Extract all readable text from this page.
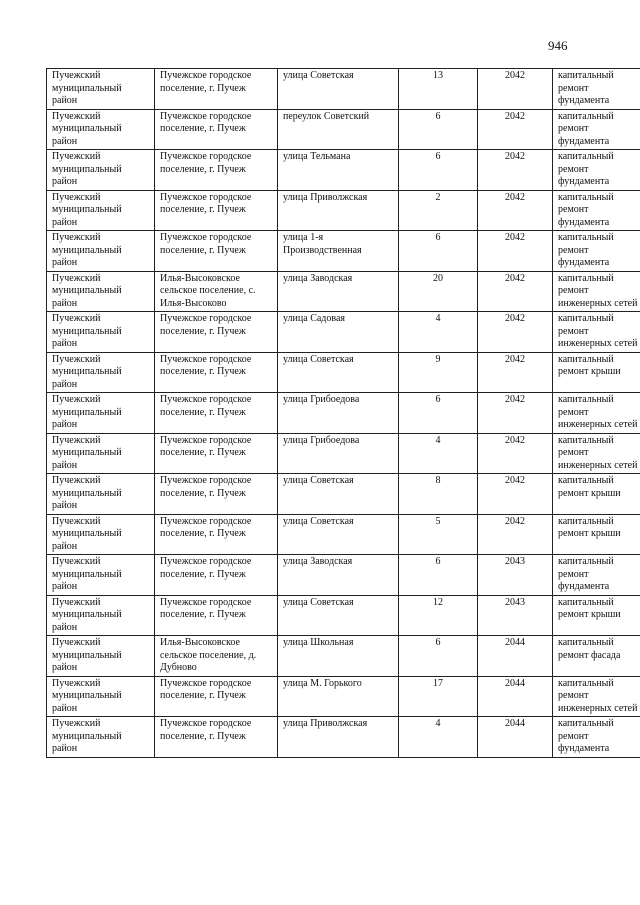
946
Пучежский муниципальный район	Пучежское городское поселение, г. Пучеж	улица Советская	13	2042	капитальный ремонт фундамента
Пучежский муниципальный район	Пучежское городское поселение, г. Пучеж	переулок Советский	6	2042	капитальный ремонт фундамента
Пучежский муниципальный район	Пучежское городское поселение, г. Пучеж	улица Тельмана	6	2042	капитальный ремонт фундамента
Пучежский муниципальный район	Пучежское городское поселение, г. Пучеж	улица Приволжская	2	2042	капитальный ремонт фундамента
Пучежский муниципальный район	Пучежское городское поселение, г. Пучеж	улица 1-я Производственная	6	2042	капитальный ремонт фундамента
Пучежский муниципальный район	Илья-Высоковское сельское поселение, с. Илья-Высоково	улица Заводская	20	2042	капитальный ремонт инженерных сетей
Пучежский муниципальный район	Пучежское городское поселение, г. Пучеж	улица Садовая	4	2042	капитальный ремонт инженерных сетей
Пучежский муниципальный район	Пучежское городское поселение, г. Пучеж	улица Советская	9	2042	капитальный ремонт крыши
Пучежский муниципальный район	Пучежское городское поселение, г. Пучеж	улица Грибоедова	6	2042	капитальный ремонт инженерных сетей
Пучежский муниципальный район	Пучежское городское поселение, г. Пучеж	улица Грибоедова	4	2042	капитальный ремонт инженерных сетей
Пучежский муниципальный район	Пучежское городское поселение, г. Пучеж	улица Советская	8	2042	капитальный ремонт крыши
Пучежский муниципальный район	Пучежское городское поселение, г. Пучеж	улица Советская	5	2042	капитальный ремонт крыши
Пучежский муниципальный район	Пучежское городское поселение, г. Пучеж	улица Заводская	6	2043	капитальный ремонт фундамента
Пучежский муниципальный район	Пучежское городское поселение, г. Пучеж	улица Советская	12	2043	капитальный ремонт крыши
Пучежский муниципальный район	Илья-Высоковское сельское поселение, д. Дубново	улица Школьная	6	2044	капитальный ремонт фасада
Пучежский муниципальный район	Пучежское городское поселение, г. Пучеж	улица М. Горького	17	2044	капитальный ремонт инженерных сетей
Пучежский муниципальный район	Пучежское городское поселение, г. Пучеж	улица Приволжская	4	2044	капитальный ремонт фундамента
